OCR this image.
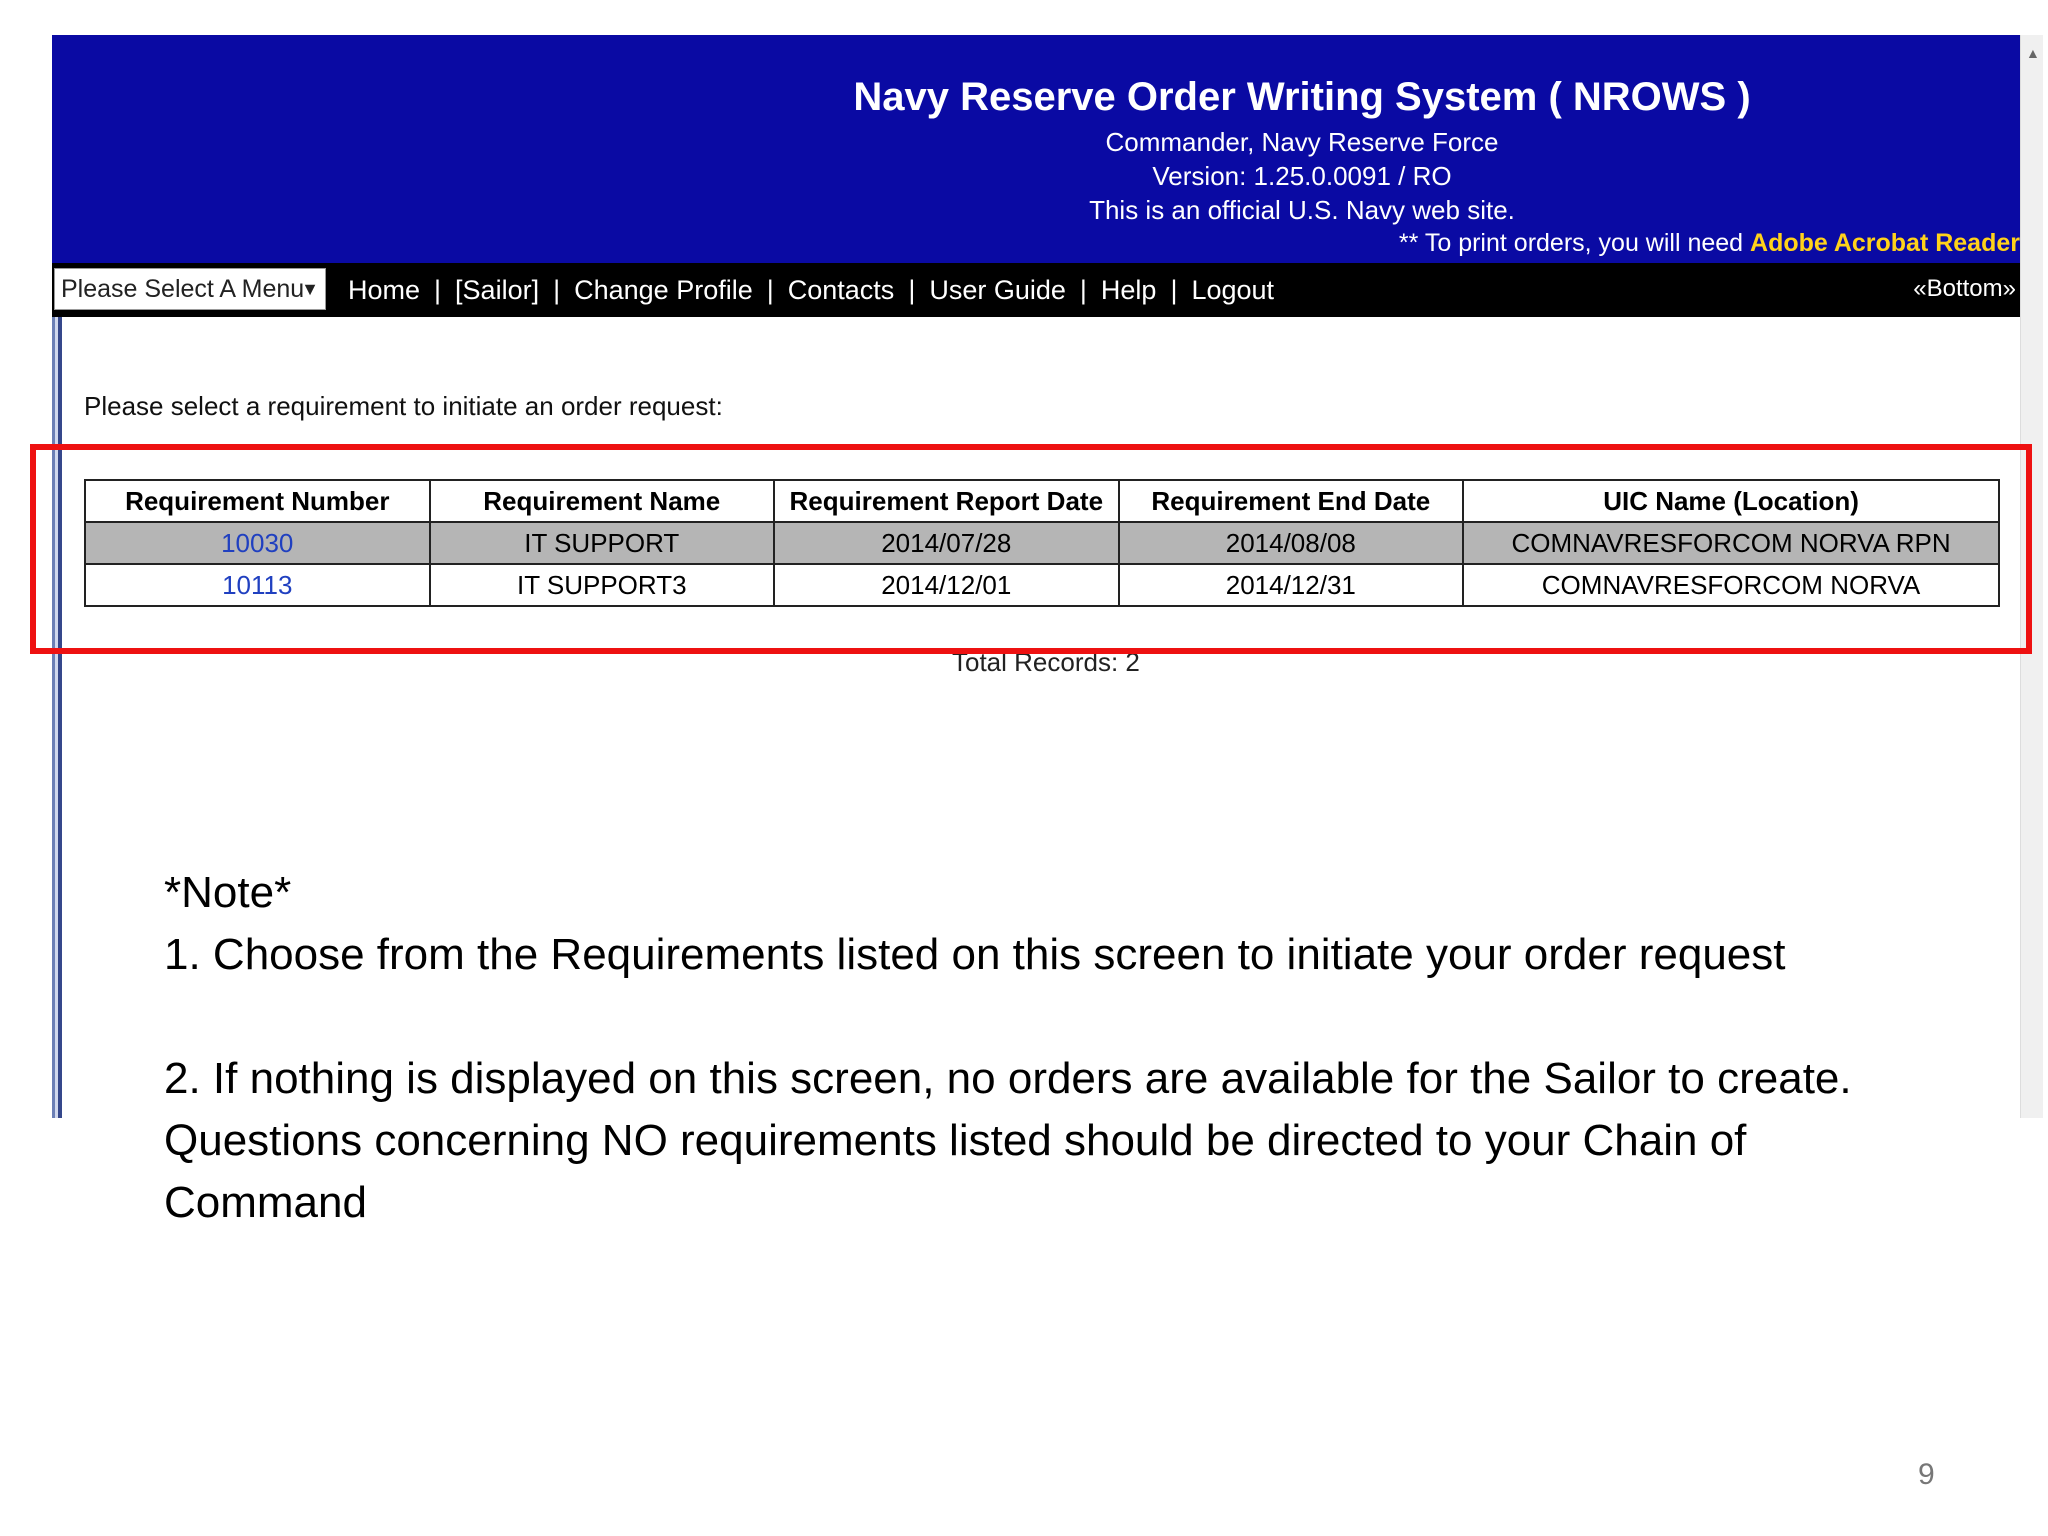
Navy Reserve Order Writing System ( NROWS )
Commander, Navy Reserve Force
Version: 1.25.0.0091 / RO
This is an official U.S. Navy web site.
** To print orders, you will need Adobe Acrobat Reader
Please Select A Menu
▼ Home | [Sailor] | Change Profile | Contacts | User Guide | Help | Logout	«Bottom»
Please select a requirement to initiate an order request:
Requirement Number	Requirement Name	Requirement Report Date	Requirement End Date	UIC Name (Location)
10030	IT SUPPORT	2014/07/28	2014/08/08	COMNAVRESFORCOM NORVA RPN
10113	IT SUPPORT3	2014/12/01	2014/12/31	COMNAVRESFORCOM NORVA
Total Records: 2
▲

*Note*

1. Choose from the Requirements listed on this screen to initiate your order request

2. If nothing is displayed on this screen, no orders are available for the Sailor to create.

Questions concerning NO requirements listed should be directed to your Chain of

Command

9
